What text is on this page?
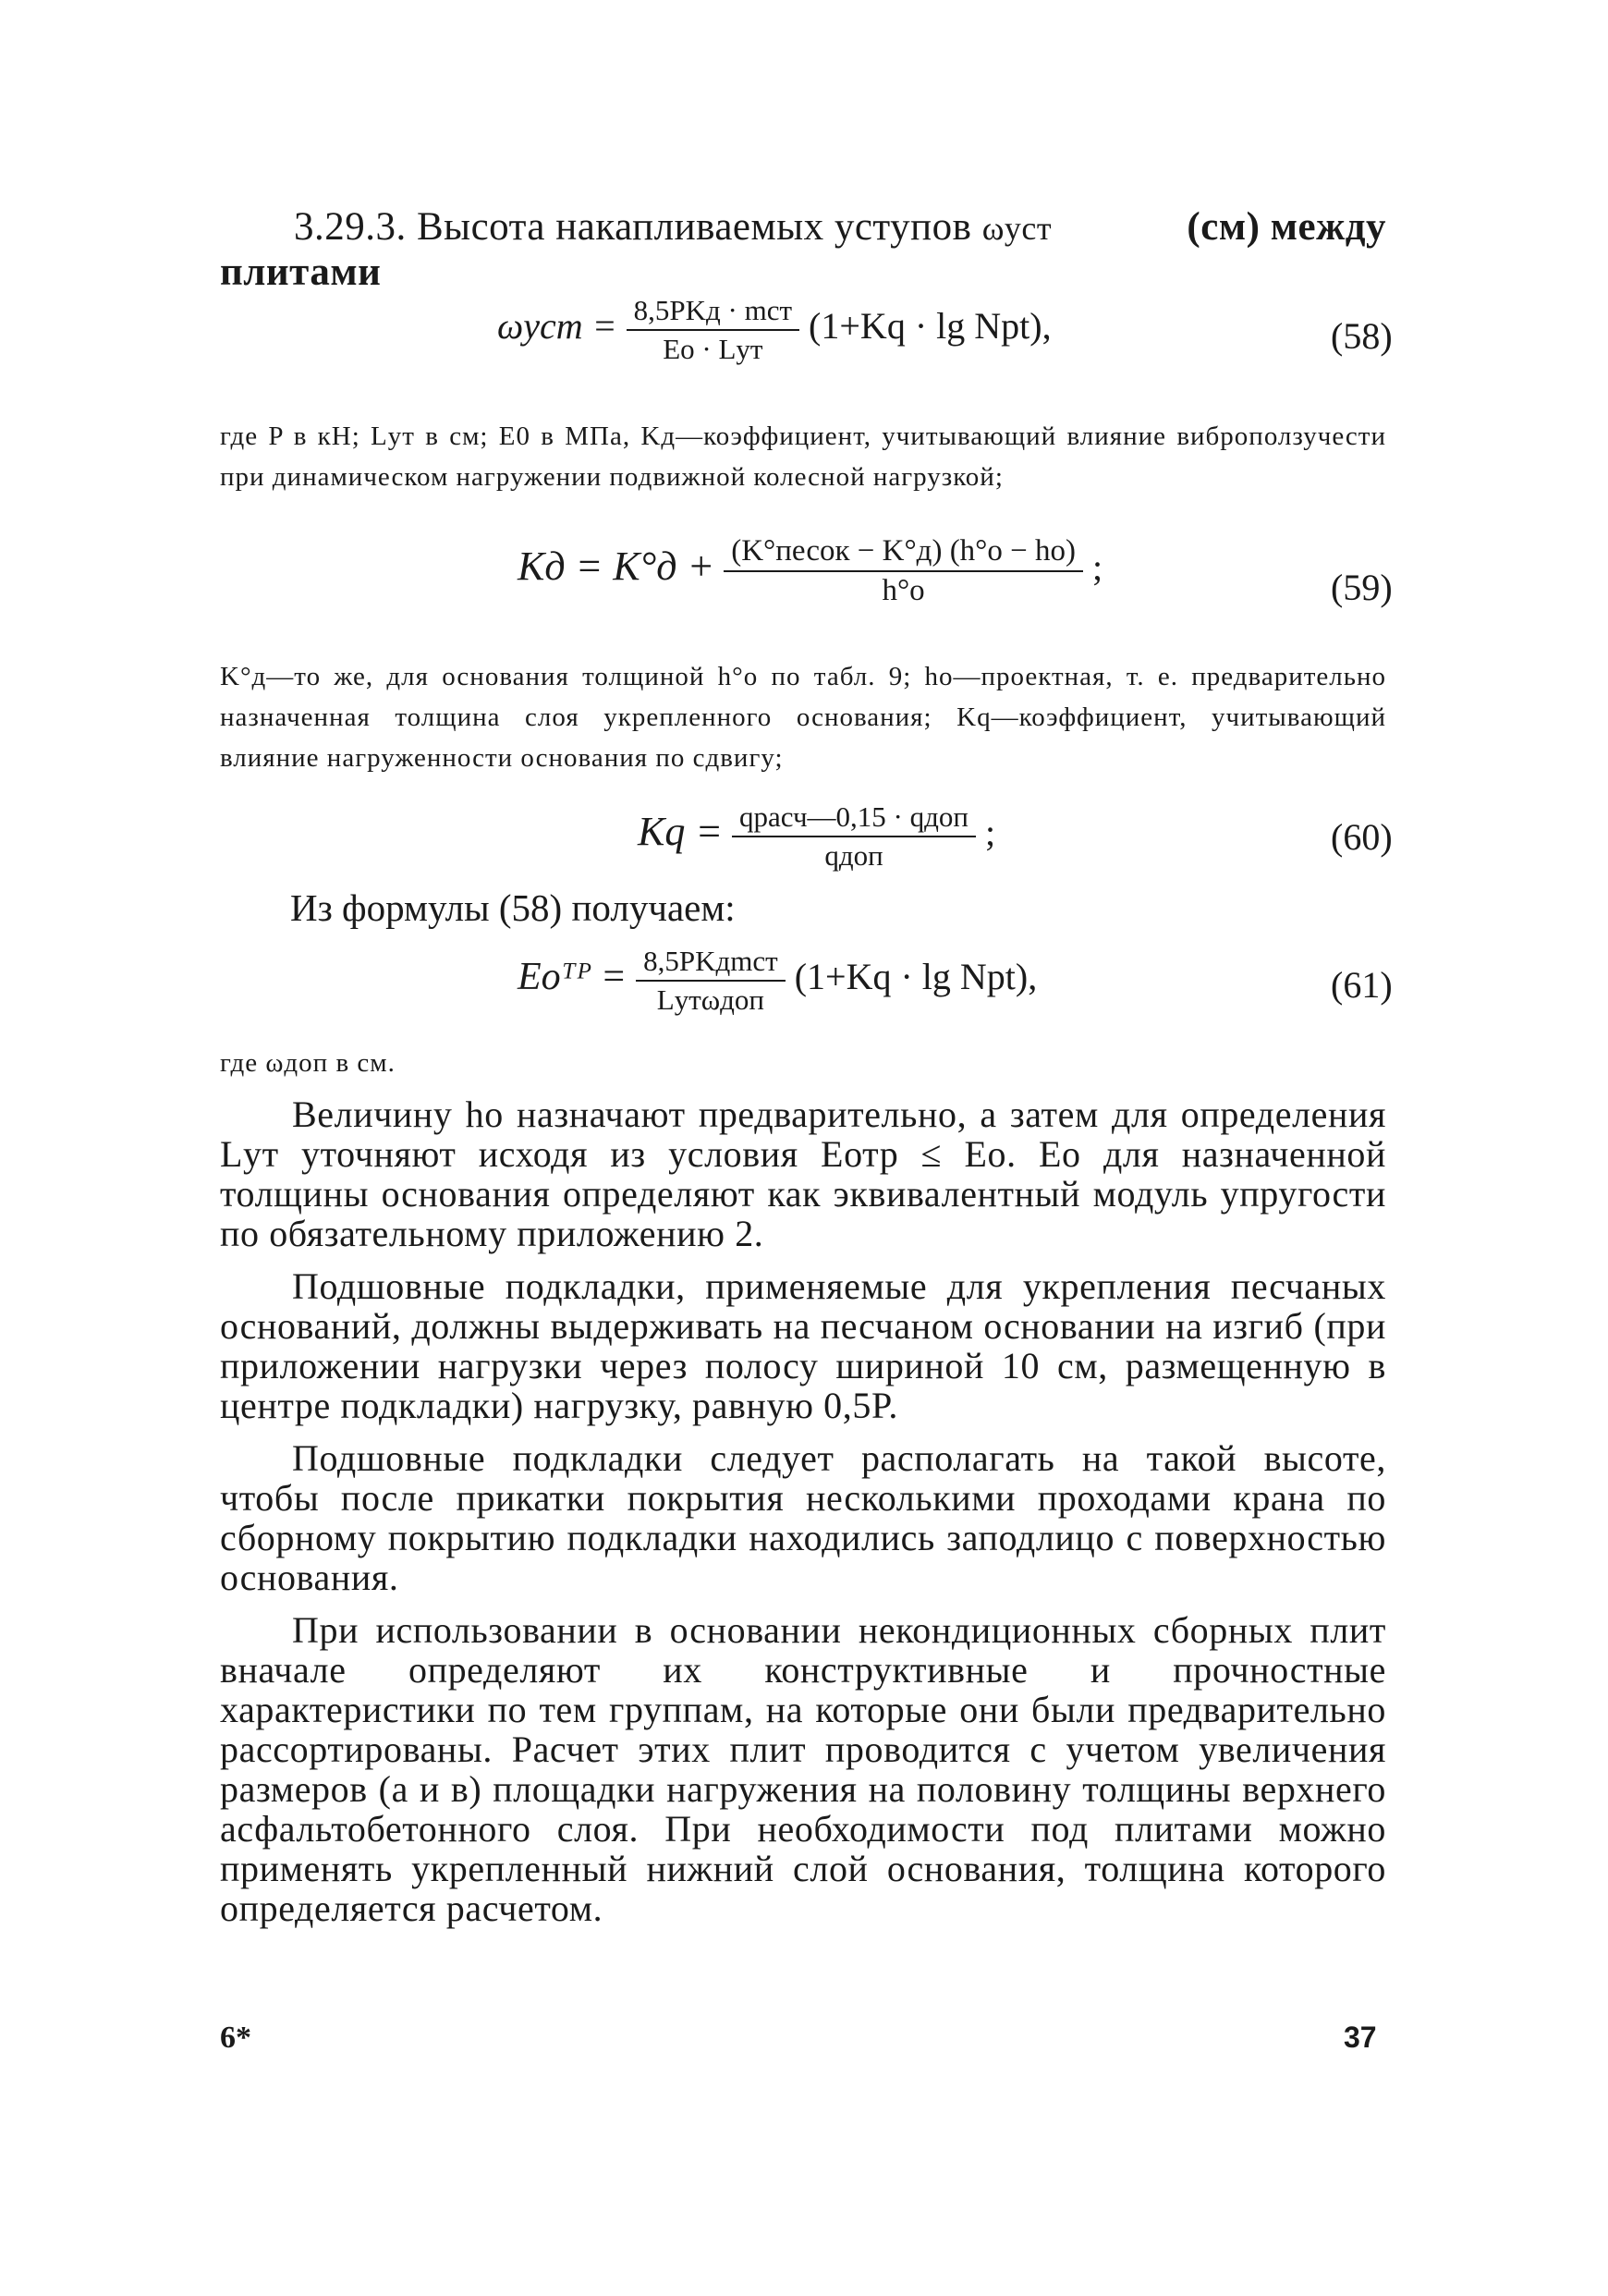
3.29.3. Высота накапливаемых уступов ωуст	(см) между
плитами
$\omega уст = \frac{\text{8,5PKд · mст}}{\text{Eо · Lут}} (1+Kq \cdot \lg Npt)$,	(58)
где P в кН; Lут в см; E0 в МПа, Kд—коэффициент, учитывающий влияние виброползучести при динамическом нагружении подвижной колесной нагрузкой;
Kд = $K^\circ д + \frac{\text{(K°песок − K°д) (h°о − hо)}}{h^\circ о}$ ;	(59)
K°д—то же, для основания толщиной h°о по табл. 9; hо—проектная, т. е. предварительно назначенная толщина слоя укрепленного основания; Kq—коэффициент, учитывающий влияние нагруженности основания по сдвигу;
$Kq = \frac{\text{qрасч—0,15 · qдоп}}{\text{qдоп}}$ ;	(60)
Из формулы (58) получаем:
Eоᵀᴾ = $\frac{\text{8,5PKдmст}}{\text{Lутωдоп}} (1+Kq \cdot \lg Npt)$,	(61)
где ωдоп в см.

Величину hо назначают предварительно, а затем для определения Lут уточняют исходя из условия Eотр ≤ Eо. Eо для назначенной толщины основания определяют как эквивалентный модуль упругости по обязательному приложению 2.

Подшовные подкладки, применяемые для укрепления песчаных оснований, должны выдерживать на песчаном основании на изгиб (при приложении нагрузки через полосу шириной 10 см, размещенную в центре подкладки) нагрузку, равную 0,5P.

Подшовные подкладки следует располагать на такой высоте, чтобы после прикатки покрытия несколькими проходами крана по сборному покрытию подкладки находились заподлицо с поверхностью основания.

При использовании в основании некондиционных сборных плит вначале определяют их конструктивные и прочностные характеристики по тем группам, на которые они были предварительно рассортированы. Расчет этих плит проводится с учетом увеличения размеров (а и в) площадки нагружения на половину толщины верхнего асфальтобетонного слоя. При необходимости под плитами можно применять укрепленный нижний слой основания, толщина которого определяется расчетом.

6*	37
